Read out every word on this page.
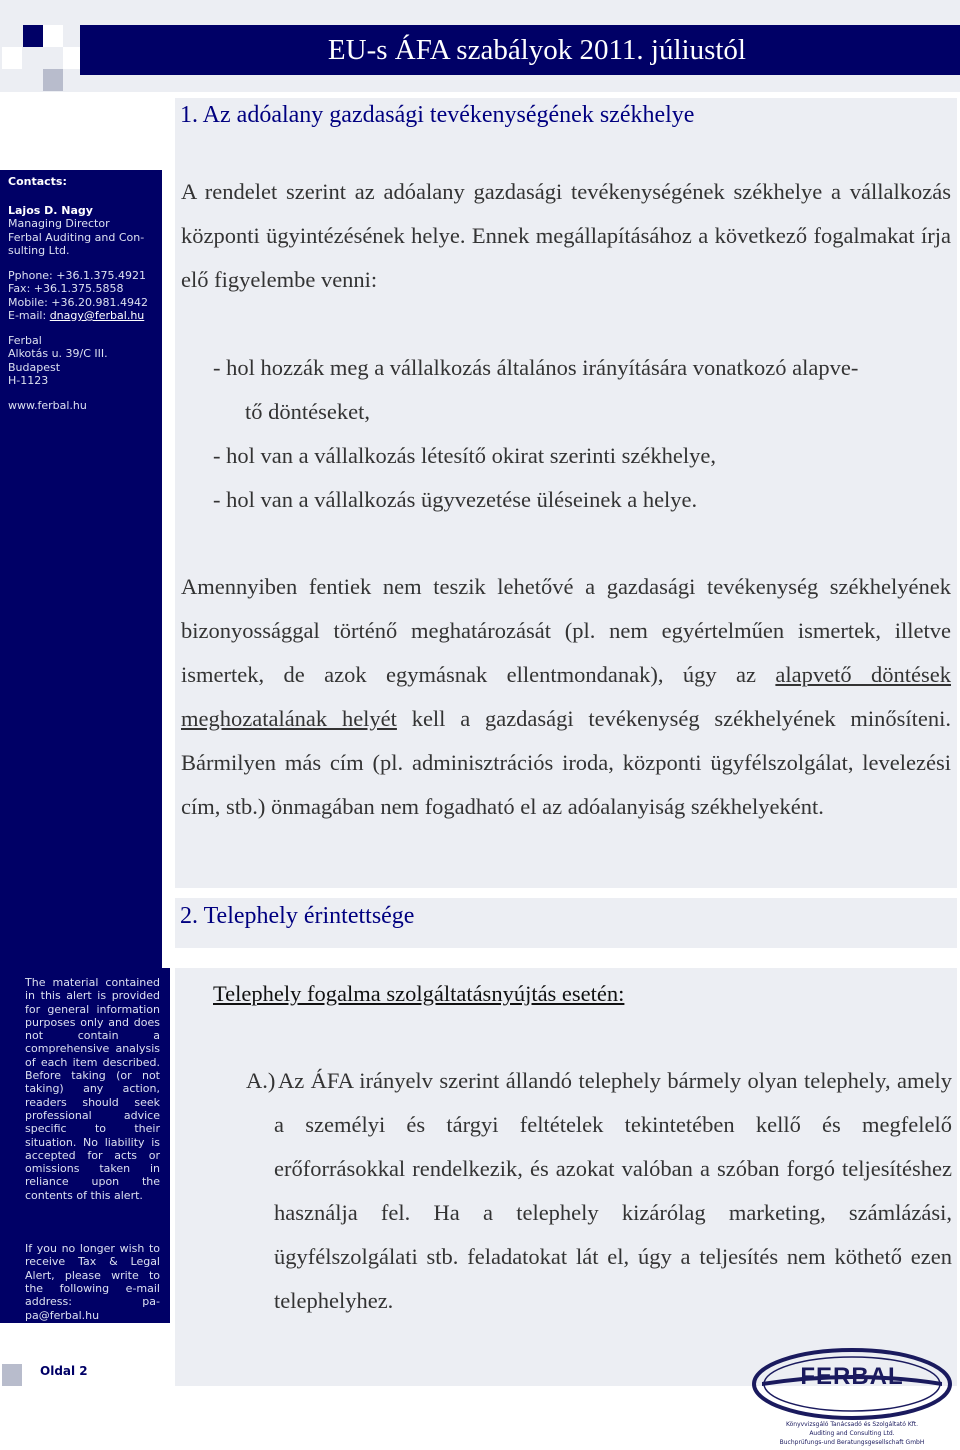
EU-s ÁFA szabályok 2011. júliustól
Contacts:
Lajos D. Nagy
Managing Director
Ferbal Auditing and Con-
sulting Ltd.
Pphone: +36.1.375.4921
Fax: +36.1.375.5858
Mobile: +36.20.981.4942
E-mail: dnagy@ferbal.hu
Ferbal
Alkotás u. 39/C III.
Budapest
H-1123
www.ferbal.hu

The material contained in this alert is provided for general information purposes only and does not contain a comprehensive analysis of each item described. Before taking (or not taking) any action, readers should seek professional advice specific to their situation. No liability is accepted for acts or omissions taken in reliance upon the contents of this alert.

If you no longer wish to receive Tax & Legal Alert, please write to the following e-mail address: pa-pa@ferbal.hu

1. Az adóalany gazdasági tevékenységének székhelye
A rendelet szerint az adóalany gazdasági tevékenységének székhelye a vállalkozás központi ügyintézésének helye. Ennek megállapításához a következő fogalmakat írja elő figyelembe venni:
- hol hozzák meg a vállalkozás általános irányítására vonatkozó alapve-
tő döntéseket,
- hol van a vállalkozás létesítő okirat szerinti székhelye,
- hol van a vállalkozás ügyvezetése üléseinek a helye.
Amennyiben fentiek nem teszik lehetővé a gazdasági tevékenység székhelyének bizonyossággal történő meghatározását (pl. nem egyértelműen ismertek, illetve ismertek, de azok egymásnak ellentmondanak), úgy az alapvető döntések meghozatalának helyét kell a gazdasági tevékenység székhelyének minősíteni. Bármilyen más cím (pl. adminisztrációs iroda, központi ügyfélszolgálat, levelezési cím, stb.) önmagában nem fogadható el az adóalanyiság székhelyeként.
2. Telephely érintettsége
Telephely fogalma szolgáltatásnyújtás esetén:
A.) Az ÁFA irányelv szerint állandó telephely bármely olyan telephely, amely a személyi és tárgyi feltételek tekintetében kellő és megfelelő erőforrásokkal rendelkezik, és azokat valóban a szóban forgó teljesítéshez használja fel. Ha a telephely kizárólag marketing, számlázási, ügyfélszolgálati stb. feladatokat lát el, úgy a teljesítés nem köthető ezen telephelyhez.
Oldal 2	FERBAL
Könyvvizsgáló Tanácsadó és Szolgáltató Kft.
Auditing and Consulting Ltd.
Buchprüfungs-und Beratungsgesellschaft GmbH
